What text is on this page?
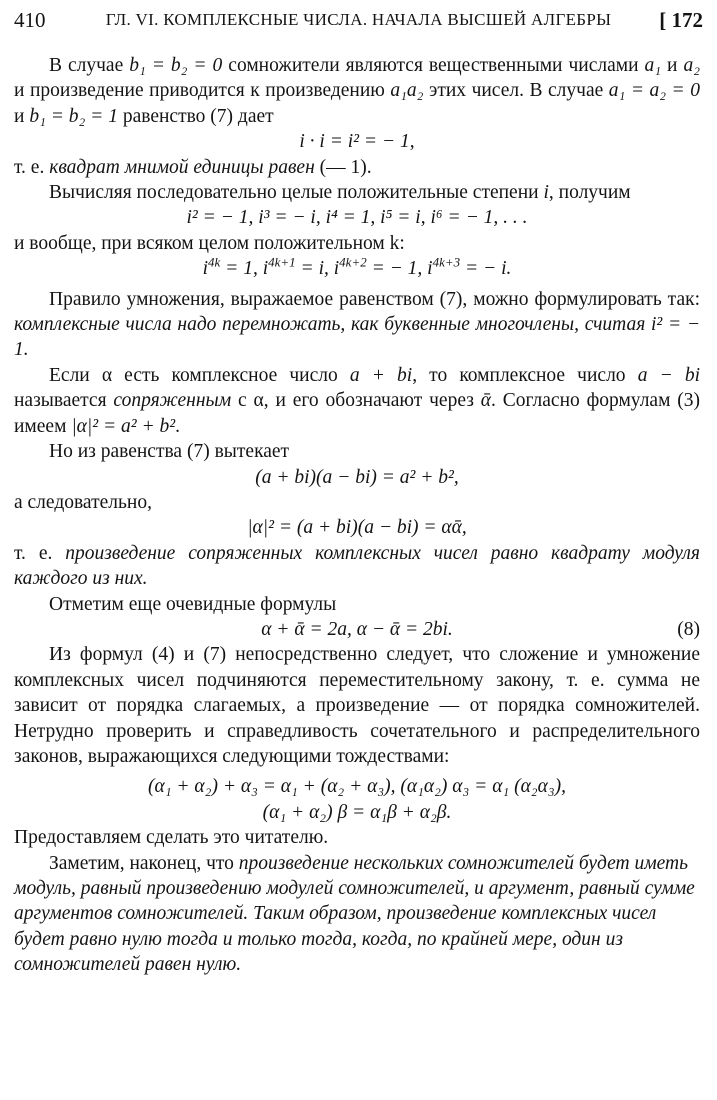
410	ГЛ. VI. КОМПЛЕКСНЫЕ ЧИСЛА. НАЧАЛА ВЫСШЕЙ АЛГЕБРЫ	[ 172

В случае b₁ = b₂ = 0 сомножители являются вещественными числами a₁ и a₂ и произведение приводится к произведению a₁a₂ этих чисел. В случае a₁ = a₂ = 0 и b₁ = b₂ = 1 равенство (7) дает

i · i = i² = − 1,

т. е. квадрат мнимой единицы равен (— 1).

Вычисляя последовательно целые положительные степени i, получим

i² = − 1, i³ = − i, i⁴ = 1, i⁵ = i, i⁶ = − 1, . . .

и вообще, при всяком целом положительном k:

$i^{4k} = 1$, $i^{4k+1} = i$, $i^{4k+2}$ = − 1, $i^{4k+3}$ = − i.

Правило умножения, выражаемое равенством (7), можно формулировать так: комплексные числа надо перемножать, как буквенные многочлены, считая i² = − 1.

Если α есть комплексное число a + bi, то комплексное число a − bi называется сопряженным с α, и его обозначают через ᾱ. Согласно формулам (3) имеем |α|² = a² + b².

Но из равенства (7) вытекает

(a + bi)(a − bi) = a² + b²,

а следовательно,

|α|² = (a + bi)(a − bi) = αᾱ,

т. е. произведение сопряженных комплексных чисел равно квадрату модуля каждого из них.

Отметим еще очевидные формулы

α + ᾱ = 2a, α − ᾱ = 2bi.	(8)

Из формул (4) и (7) непосредственно следует, что сложение и умножение комплексных чисел подчиняются переместительному закону, т. е. сумма не зависит от порядка слагаемых, а произведение — от порядка сомножителей. Нетрудно проверить и справедливость сочетательного и распределительного законов, выражающихся следующими тождествами:

(α₁ + α₂) + α₃ = α₁ + (α₂ + α₃), (α₁α₂) α₃ = α₁ (α₂α₃),
(α₁ + α₂) β = α₁β + α₂β.

Предоставляем сделать это читателю.

Заметим, наконец, что произведение нескольких сомножителей будет иметь модуль, равный произведению модулей сомножителей, и аргумент, равный сумме аргументов сомножителей. Таким образом, произведение комплексных чисел будет равно нулю тогда и только тогда, когда, по крайней мере, один из сомножителей равен нулю.
